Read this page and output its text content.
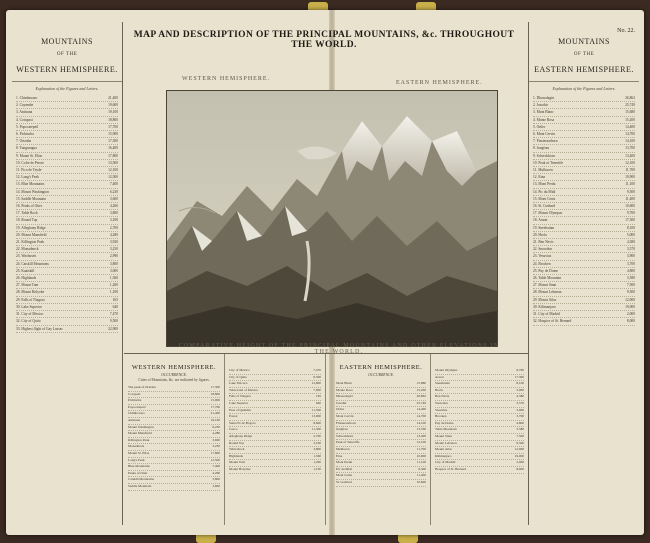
MOUNTAINS
OF THE
WESTERN HEMISPHERE.
Explanation of the Figures and Letters.
1. Chimborazo	21,400
2. Cayambe	19,600
3. Antisana	19,100
4. Cotopaxi	18,800
5. Popocatepetl	17,700
6. Pichincha	15,900
7. Orizaba	17,300
8. Tunguragua	16,400
9. Mount St. Elias	17,800
10. Cofre de Perote	13,500
11. Pico de Teyde	12,100
12. Long's Peak	12,500
13. Blue Mountains	7,400
14. Mount Washington	6,230
15. Saddle Mountain	3,600
16. Peaks of Otter	4,260
17. Table Rock	3,800
18. Round Top	3,100
19. Alleghany Ridge	2,700
20. Mount Mansfield	4,280
21. Killington Peak	3,920
22. Monadnock	3,250
23. Wachusett	2,990
24. Catskill Mountains	3,800
25. Kaatskill	3,000
26. Highlands	1,560
27. Mount Tom	1,200
28. Mount Holyoke	1,100
29. Falls of Niagara	165
30. Lake Superior	640
31. City of Mexico	7,470
32. City of Quito	9,500
33. Highest flight of Gay Lussac	22,900
MAP AND DESCRIPTION OF THE PRINCIPAL MOUNTAINS, &c. THROUGHOUT THE WORLD.
WESTERN HEMISPHERE.
EASTERN HEMISPHERE.
COMPARATIVE HEIGHT OF THE PRINCIPAL MOUNTAINS AND OTHER ELEVATIONS IN THE WORLD.
No. 22.
MOUNTAINS
OF THE
EASTERN HEMISPHERE.
Explanation of the Figures and Letters.
1. Dhawalagiri	26,862
2. Jawahir	25,749
3. Mont Blanc	15,680
4. Monte Rosa	15,200
5. Ortler	14,400
6. Mont Cervin	14,700
7. Finsteraarhorn	14,100
8. Jungfrau	13,700
9. Schreckhorn	13,400
10. Peak of Teneriffe	12,100
11. Mulhacen	11,700
12. Etna	10,900
13. Mont Perdu	11,100
14. Pic du Midi	9,500
15. Mont Cenis	11,400
16. St. Gothard	10,600
17. Mount Olympus	9,700
18. Ararat	17,300
19. Sneehattan	8,100
20. Hecla	5,000
21. Ben Nevis	4,380
22. Snowdon	3,570
23. Vesuvius	3,900
24. Brocken	3,700
25. Puy de Dome	4,800
26. Table Mountain	3,580
27. Mount Sinai	7,500
28. Mount Lebanon	9,500
29. Mount Atlas	12,000
30. Kilimanjaro	19,000
31. City of Madrid	2,000
32. Hospice of St. Bernard	8,000
WESTERN HEMISPHERE.
OCCURRENCE.
Cities of Mountains, &c. are indicated by figures.
The peak of Orizaba	17,300
Cotopaxi	18,800
Pichincha	15,900
Popocatepetl	17,700
Chimborazo	21,400
Antisana	19,100
Mount Washington	6,230
Mount Mansfield	4,280
Killington Peak	3,920
Monadnock	3,250
Mount St. Elias	17,800
Long's Peak	12,500
Blue Mountains	7,400
Peaks of Otter	4,260
Catskill Mountains	3,800
Saddle Mountain	3,600
City of Mexico	7,470
City of Quito	9,500
Lake Titicaca	12,800
Table land of Mexico	7,000
Falls of Niagara	165
Lake Superior	640
Pass of Quindiu	11,500
Potosi	13,000
Santa Fe de Bogota	8,600
Cuzco	11,300
Alleghany Ridge	2,700
Round Top	3,100
Table Rock	3,800
Highlands	1,560
Mount Tom	1,200
Mount Holyoke	1,100
EASTERN HEMISPHERE.
OCCURRENCE.
Mont Blanc	15,680
Monte Rosa	15,200
Dhawalagiri	26,862
Jawahir	25,749
Ortler	14,400
Mont Cervin	14,700
Finsteraarhorn	14,100
Jungfrau	13,700
Schreckhorn	13,400
Peak of Teneriffe	12,100
Mulhacen	11,700
Etna	10,900
Mont Perdu	11,100
Pic du Midi	9,500
Mont Cenis	11,400
St. Gothard	10,600
Mount Olympus	9,700
Ararat	17,300
Sneehattan	8,100
Hecla	5,000
Ben Nevis	4,380
Snowdon	3,570
Vesuvius	3,900
Brocken	3,700
Puy de Dome	4,800
Table Mountain	3,580
Mount Sinai	7,500
Mount Lebanon	9,500
Mount Atlas	12,000
Kilimanjaro	19,000
City of Madrid	2,000
Hospice of St. Bernard	8,000
